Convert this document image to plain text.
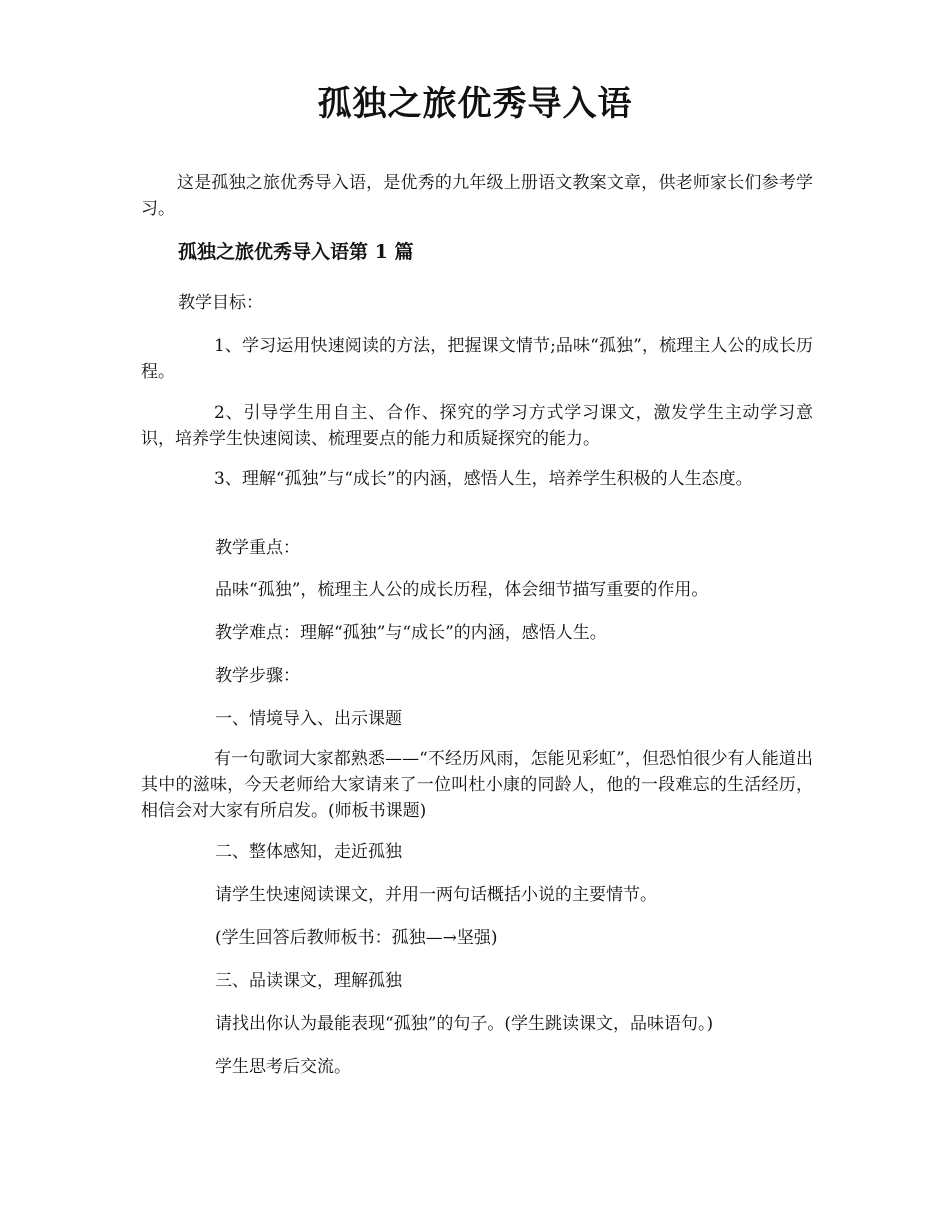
孤独之旅优秀导入语
这是孤独之旅优秀导入语，是优秀的九年级上册语文教案文章，供老师家长们参考学习。
孤独之旅优秀导入语第 1 篇
教学目标：
1、学习运用快速阅读的方法，把握课文情节;品味“孤独”，梳理主人公的成长历程。
2、引导学生用自主、合作、探究的学习方式学习课文，激发学生主动学习意识，培养学生快速阅读、梳理要点的能力和质疑探究的能力。
3、理解“孤独”与“成长”的内涵，感悟人生，培养学生积极的人生态度。
教学重点：
品味“孤独”，梳理主人公的成长历程，体会细节描写重要的作用。
教学难点：理解“孤独”与“成长”的内涵，感悟人生。
教学步骤：
一、情境导入、出示课题
有一句歌词大家都熟悉——“不经历风雨，怎能见彩虹”，但恐怕很少有人能道出其中的滋味，今天老师给大家请来了一位叫杜小康的同龄人，他的一段难忘的生活经历，相信会对大家有所启发。(师板书课题)
二、整体感知，走近孤独
请学生快速阅读课文，并用一两句话概括小说的主要情节。
(学生回答后教师板书：孤独—→坚强)
三、品读课文，理解孤独
请找出你认为最能表现“孤独”的句子。(学生跳读课文，品味语句。)
学生思考后交流。
